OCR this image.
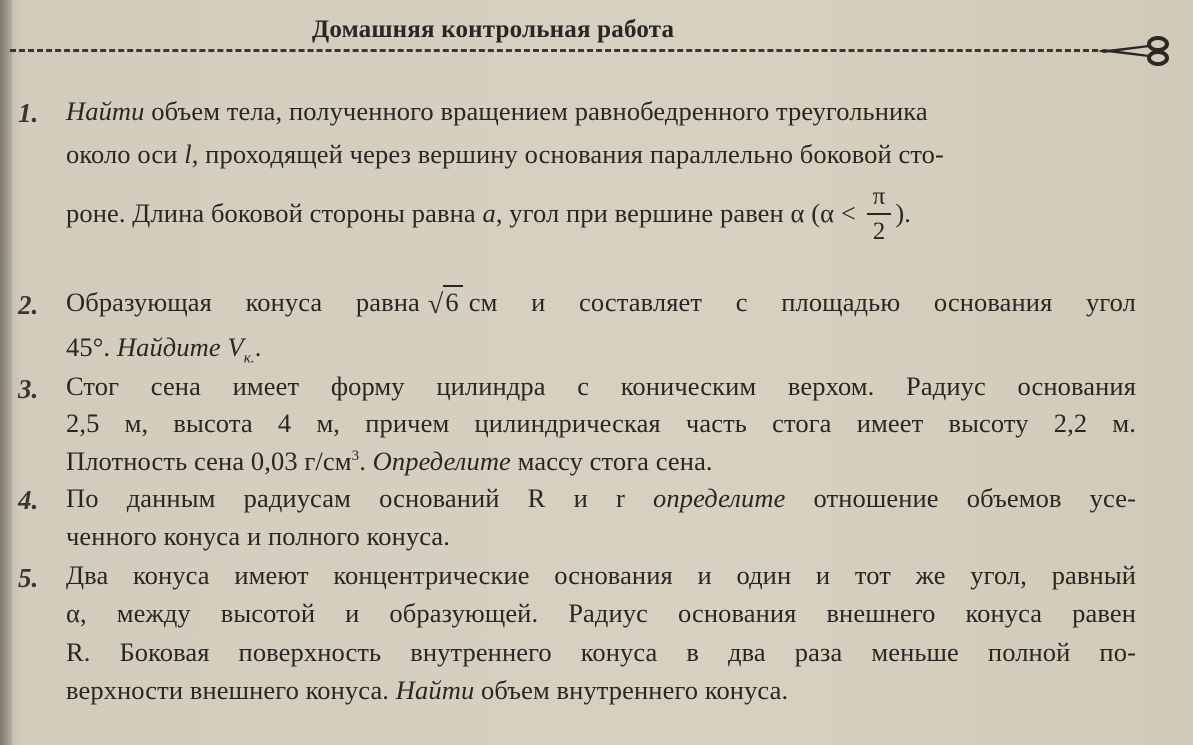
Домашняя контрольная работа
1. Найти объем тела, полученного вращением равнобедренного треугольника
около оси l, проходящей через вершину основания параллельно боковой сто-
роне. Длина боковой стороны равна a, угол при вершине равен α ($\alpha < \frac{\pi}{2}$ ).
2. Образующая конуса равна √6 см и составляет с площадью основания угол
45°. Найдите $V_{к.}$.
3. Стог сена имеет форму цилиндра с коническим верхом. Радиус основания
2,5 м, высота 4 м, причем цилиндрическая часть стога имеет высоту 2,2 м.
Плотность сена 0,03 $г/см^3$. Определите массу стога сена.
4. По данным радиусам оснований R и r определите отношение объемов усе-
ченного конуса и полного конуса.
5. Два конуса имеют концентрические основания и один и тот же угол, равный
α, между высотой и образующей. Радиус основания внешнего конуса равен
R. Боковая поверхность внутреннего конуса в два раза меньше полной по-
верхности внешнего конуса. Найти объем внутреннего конуса.
